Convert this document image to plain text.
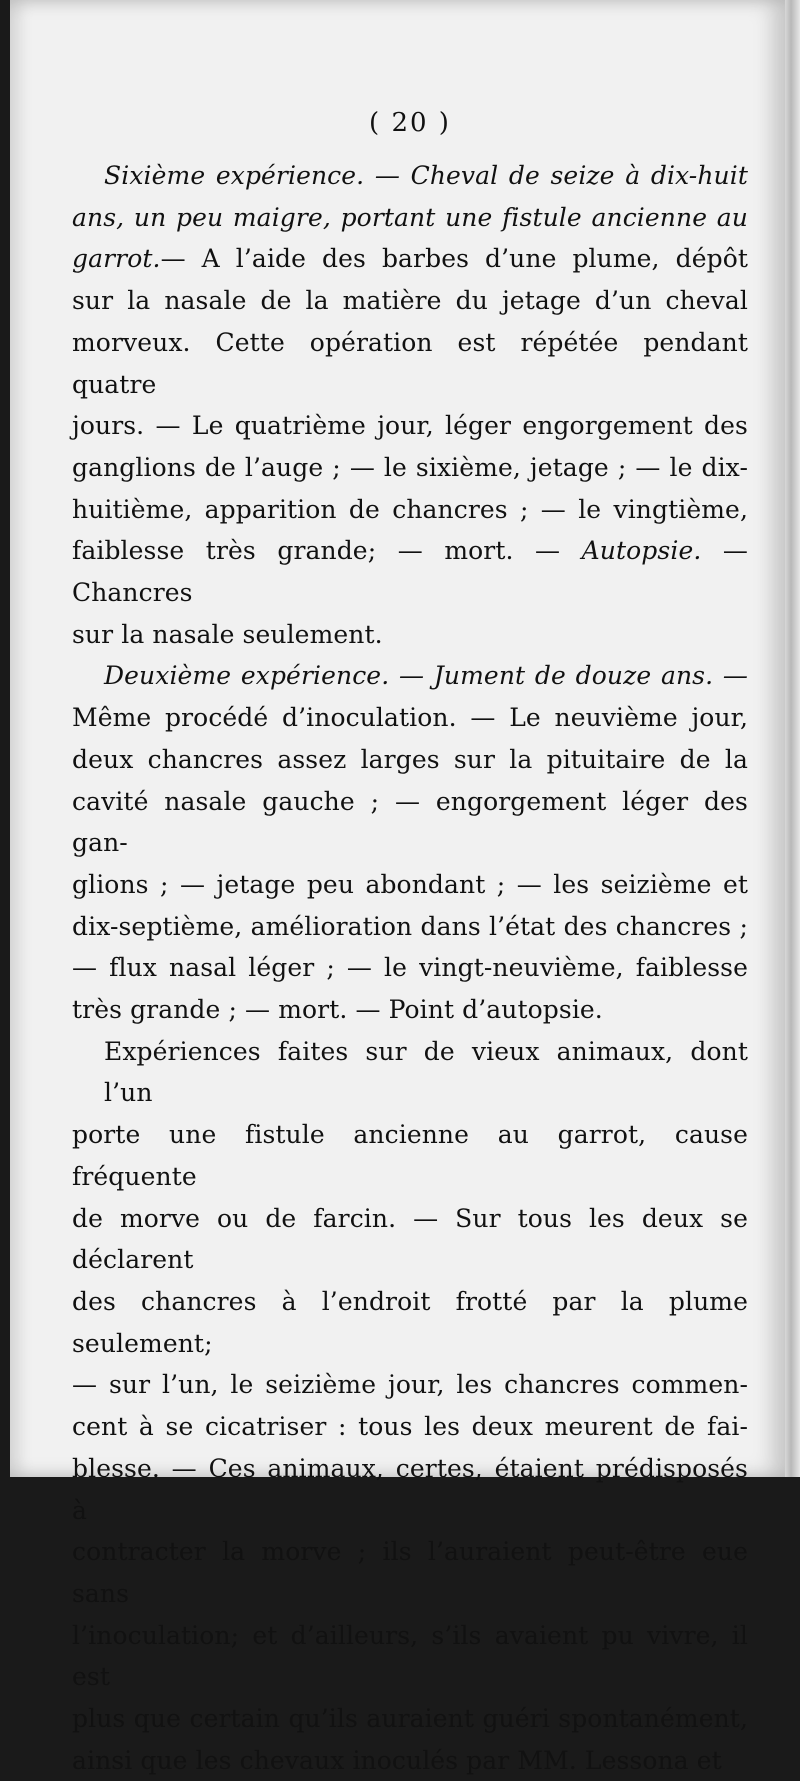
( 20 )
Sixième expérience. — Cheval de seize à dix-huit
ans, un peu maigre, portant une fistule ancienne au
garrot.— A l’aide des barbes d’une plume, dépôt
sur la nasale de la matière du jetage d’un cheval
morveux. Cette opération est répétée pendant quatre
jours. — Le quatrième jour, léger engorgement des
ganglions de l’auge ; — le sixième, jetage ; — le dix-
huitième, apparition de chancres ; — le vingtième,
faiblesse très grande; — mort. — Autopsie. — Chancres
sur la nasale seulement.
Deuxième expérience. — Jument de douze ans. —
Même procédé d’inoculation. — Le neuvième jour,
deux chancres assez larges sur la pituitaire de la
cavité nasale gauche ; — engorgement léger des gan-
glions ; — jetage peu abondant ; — les seizième et
dix-septième, amélioration dans l’état des chancres ;
— flux nasal léger ; — le vingt-neuvième, faiblesse
très grande ; — mort. — Point d’autopsie.
Expériences faites sur de vieux animaux, dont l’un
porte une fistule ancienne au garrot, cause fréquente
de morve ou de farcin. — Sur tous les deux se déclarent
des chancres à l’endroit frotté par la plume seulement;
— sur l’un, le seizième jour, les chancres commen-
cent à se cicatriser : tous les deux meurent de fai-
blesse. — Ces animaux, certes, étaient prédisposés à
contracter la morve ; ils l’auraient peut-être eue sans
l’inoculation; et d’ailleurs, s’ils avaient pu vivre, il est
plus que certain qu’ils auraient guéri spontanément,
ainsi que les chevaux inoculés par MM. Lessona et
